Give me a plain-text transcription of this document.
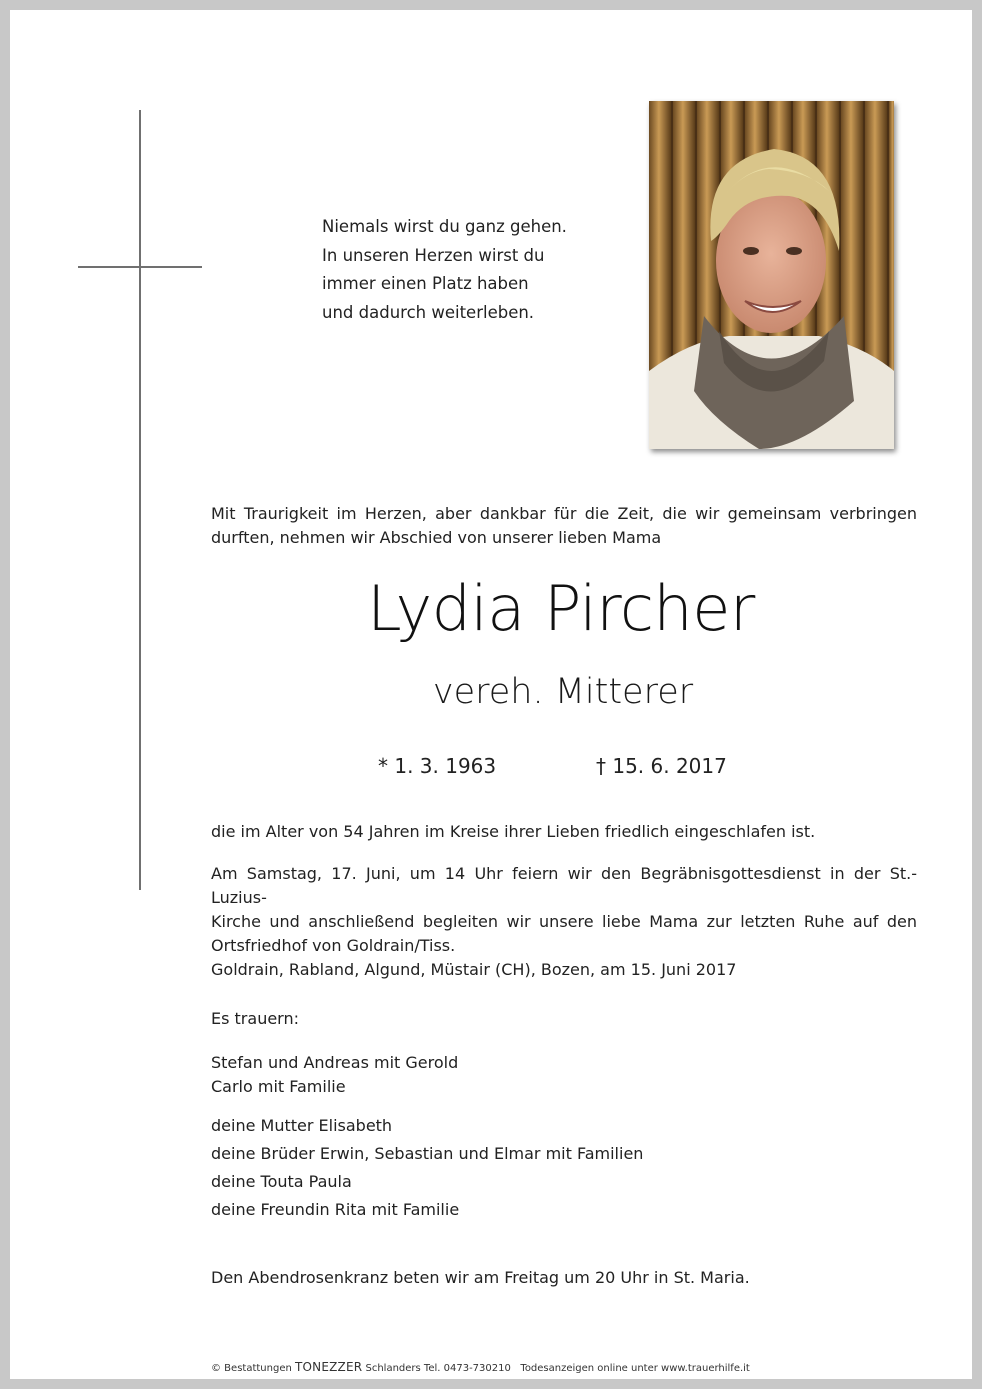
Niemals wirst du ganz gehen.
In unseren Herzen wirst du
immer einen Platz haben
und dadurch weiterleben.
Mit Traurigkeit im Herzen, aber dankbar für die Zeit, die wir gemeinsam verbringen
durften, nehmen wir Abschied von unserer lieben Mama
Lydia Pircher
vereh. Mitterer
* 1. 3. 1963	† 15. 6. 2017
die im Alter von 54 Jahren im Kreise ihrer Lieben friedlich eingeschlafen ist.
Am Samstag, 17. Juni, um 14 Uhr feiern wir den Begräbnisgottesdienst in der St.-Luzius-
Kirche und anschließend begleiten wir unsere liebe Mama zur letzten Ruhe auf den
Ortsfriedhof von Goldrain/Tiss.
Goldrain, Rabland, Algund, Müstair (CH), Bozen, am 15. Juni 2017
Es trauern:
Stefan und Andreas mit Gerold
Carlo mit Familie
deine Mutter Elisabeth
deine Brüder Erwin, Sebastian und Elmar mit Familien
deine Touta Paula
deine Freundin Rita mit Familie
Den Abendrosenkranz beten wir am Freitag um 20 Uhr in St. Maria.
© Bestattungen TONEZZER Schlanders Tel. 0473-730210 Todesanzeigen online unter www.trauerhilfe.it
